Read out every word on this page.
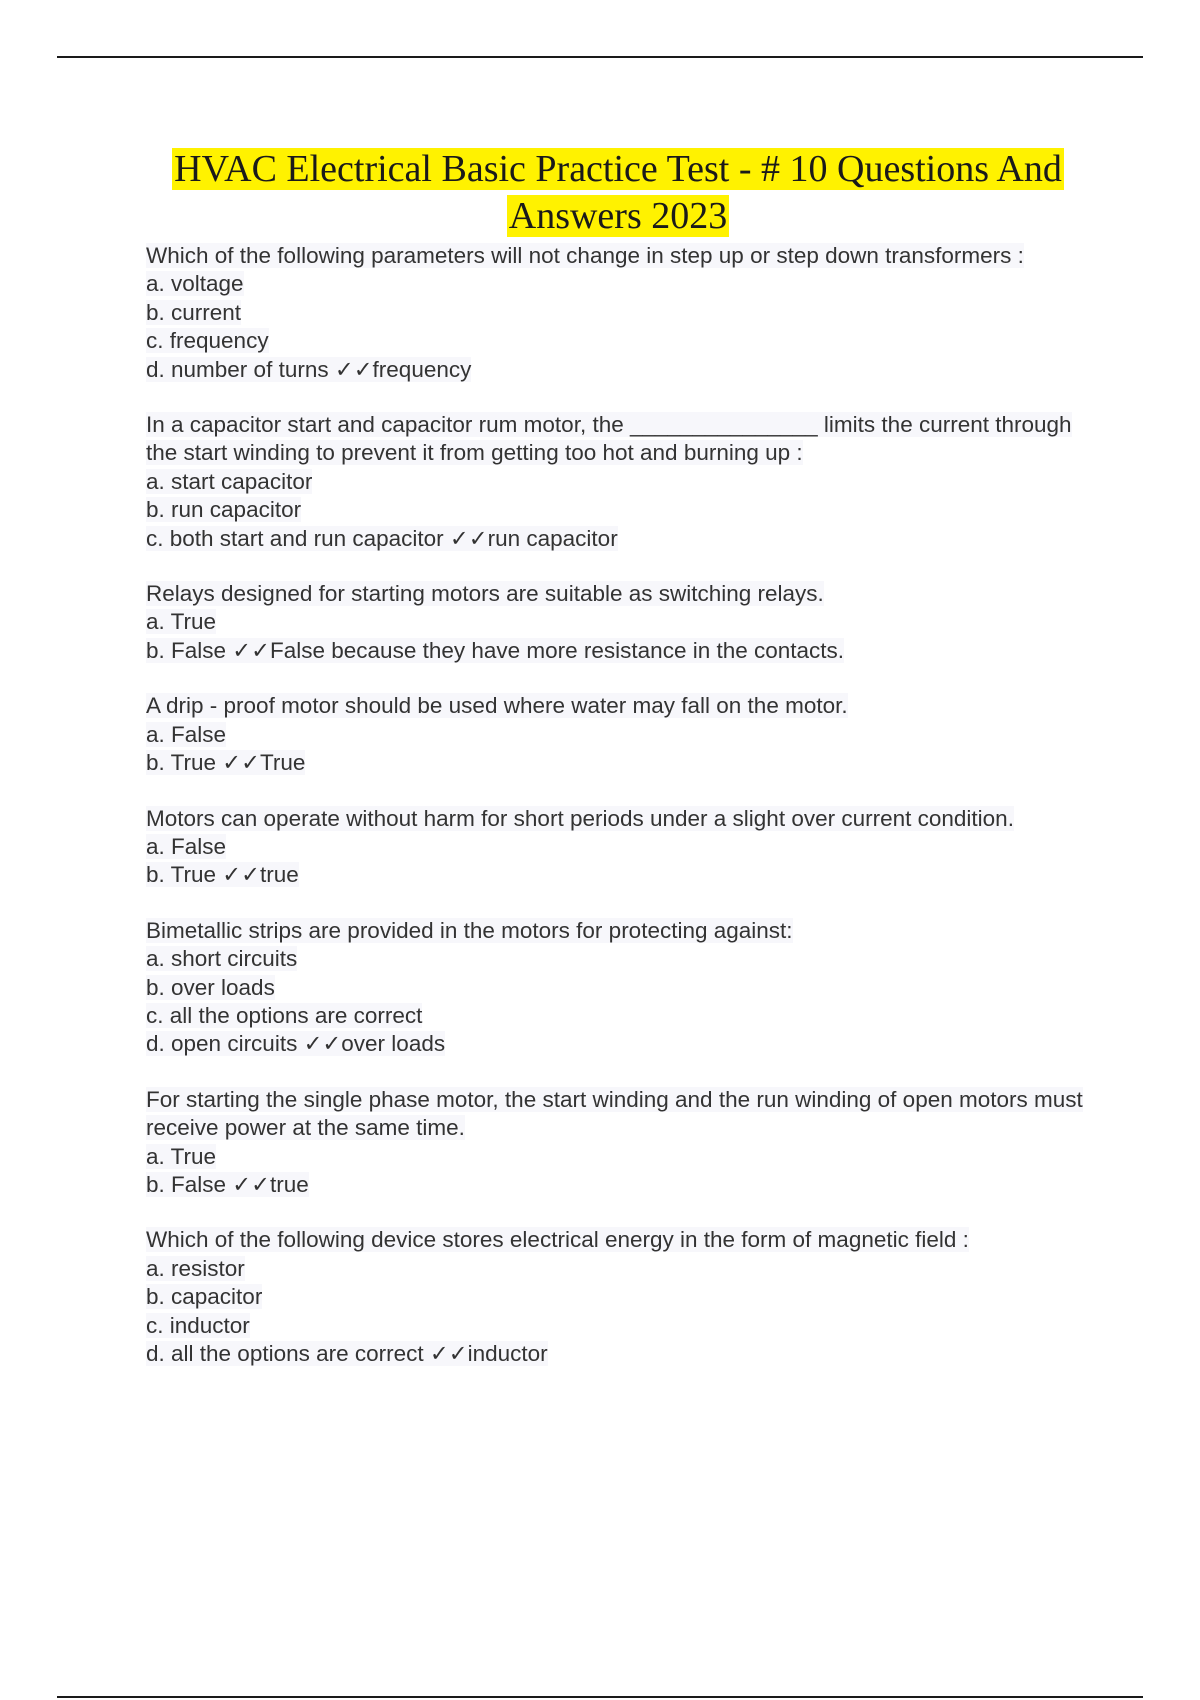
HVAC Electrical Basic Practice Test - # 10 Questions And
Answers 2023

Which of the following parameters will not change in step up or step down transformers :

a. voltage

b. current

c. frequency

d. number of turns ✓✓frequency

In a capacitor start and capacitor rum motor, the _______________ limits the current through the start winding to prevent it from getting too hot and burning up :

a. start capacitor

b. run capacitor

c. both start and run capacitor ✓✓run capacitor

Relays designed for starting motors are suitable as switching relays.

a. True

b. False ✓✓False because they have more resistance in the contacts.

A drip - proof motor should be used where water may fall on the motor.

a. False

b. True ✓✓True

Motors can operate without harm for short periods under a slight over current condition.

a. False

b. True ✓✓true

Bimetallic strips are provided in the motors for protecting against:

a. short circuits

b. over loads

c. all the options are correct

d. open circuits ✓✓over loads

For starting the single phase motor, the start winding and the run winding of open motors must receive power at the same time.

a. True

b. False ✓✓true

Which of the following device stores electrical energy in the form of magnetic field :

a. resistor

b. capacitor

c. inductor

d. all the options are correct ✓✓inductor
